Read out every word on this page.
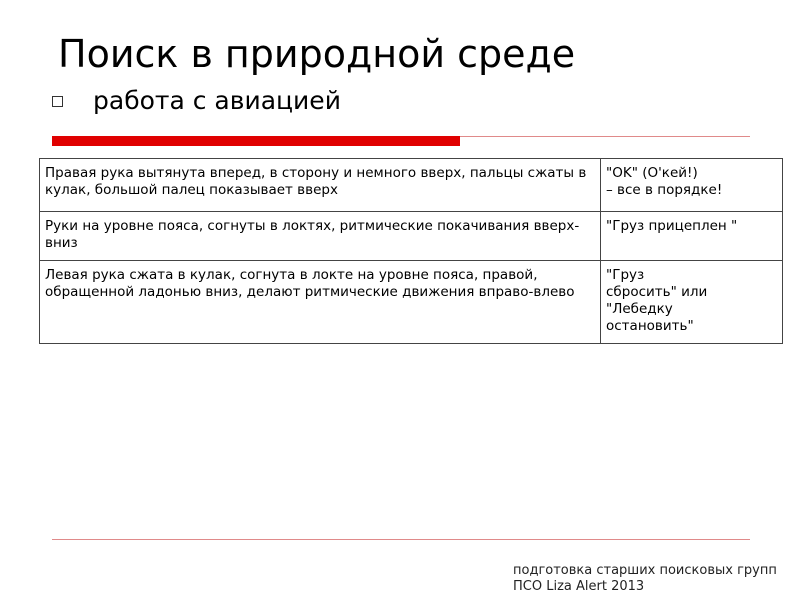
Поиск в природной среде
работа с авиацией
Правая рука вытянута вперед, в сторону и немного вверх, пальцы сжаты в кулак, большой палец показывает вверх	"OK" (O'кей!)
– все в порядке!

Руки на уровне пояса, согнуты в локтях, ритмические покачивания вверх-вниз	"Груз прицеплен "

Левая рука сжата в кулак, согнута в локте на уровне пояса, правой, обращенной ладонью вниз, делают ритмические движения вправо-влево	"Груз
сбросить" или
"Лебедку
остановить"
подготовка старших поисковых групп
ПСО Liza Alert 2013
